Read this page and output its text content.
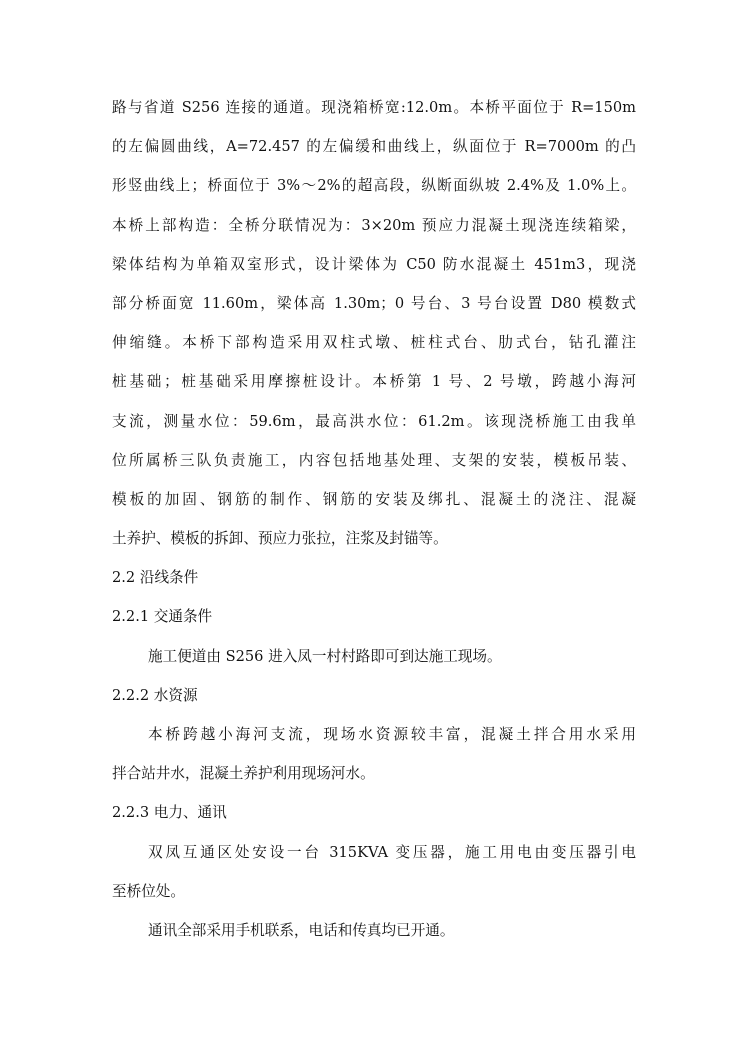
路与省道 S256 连接的通道。现浇箱桥宽:12.0m。本桥平面位于 R=150m
的左偏圆曲线，A=72.457 的左偏缓和曲线上，纵面位于 R=7000m 的凸
形竖曲线上；桥面位于 3%～2%的超高段，纵断面纵坡 2.4%及 1.0%上。
本桥上部构造：全桥分联情况为：3×20m 预应力混凝土现浇连续箱梁，
梁体结构为单箱双室形式，设计梁体为 C50 防水混凝土 451m3，现浇
部分桥面宽 11.60m，梁体高 1.30m；0 号台、3 号台设置 D80 模数式
伸缩缝。本桥下部构造采用双柱式墩、桩柱式台、肋式台，钻孔灌注
桩基础；桩基础采用摩擦桩设计。本桥第 1 号、2 号墩，跨越小海河
支流，测量水位：59.6m，最高洪水位：61.2m。该现浇桥施工由我单
位所属桥三队负责施工，内容包括地基处理、支架的安装，模板吊装、
模板的加固、钢筋的制作、钢筋的安装及绑扎、混凝土的浇注、混凝
土养护、模板的拆卸、预应力张拉，注浆及封锚等。
2.2 沿线条件
2.2.1 交通条件
施工便道由 S256 进入凤一村村路即可到达施工现场。
2.2.2 水资源
本桥跨越小海河支流，现场水资源较丰富，混凝土拌合用水采用
拌合站井水，混凝土养护利用现场河水。
2.2.3 电力、通讯
双凤互通区处安设一台 315KVA 变压器，施工用电由变压器引电
至桥位处。
通讯全部采用手机联系，电话和传真均已开通。
